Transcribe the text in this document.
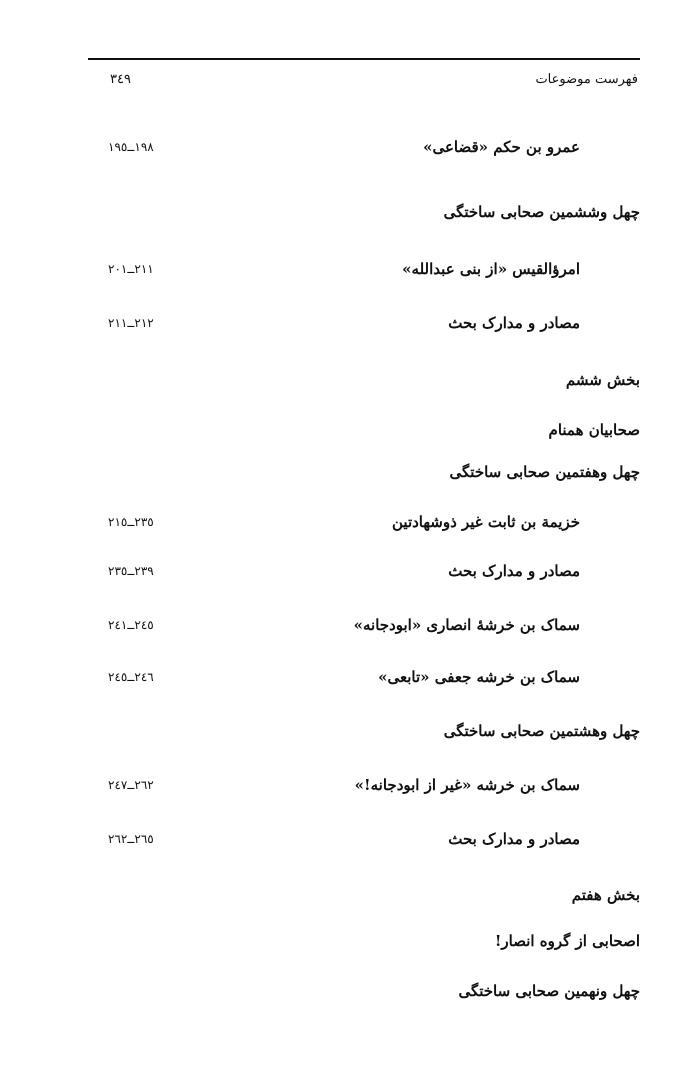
فهرست موضوعات
٣٤٩
عمرو بن حکم «قضاعی»
١٩٨ــ١٩٥
چهل وششمین صحابی ساختگی
امرؤالقیس «از بنی عبدالله»
٢١١ــ٢٠١
مصادر و مدارک بحث
٢١٢ــ٢١١
بخش ششم
صحابیان همنام
چهل وهفتمین صحابی ساختگی
خزیمة بن ثابت غیر ذوشهادتین
٢٣٥ــ٢١٥
مصادر و مدارک بحث
٢٣٩ــ٢٣٥
سماک بن خرشهٔ انصاری «ابودجانه»
٢٤٥ــ٢٤١
سماک بن خرشه جعفی «تابعی»
٢٤٦ــ٢٤٥
چهل وهشتمین صحابی ساختگی
سماک بن خرشه «غیر از ابودجانه!»
٢٦٢ــ٢٤٧
مصادر و مدارک بحث
٢٦٥ــ٢٦٢
بخش هفتم
اصحابی از گروه انصار!
چهل ونهمین صحابی ساختگی
